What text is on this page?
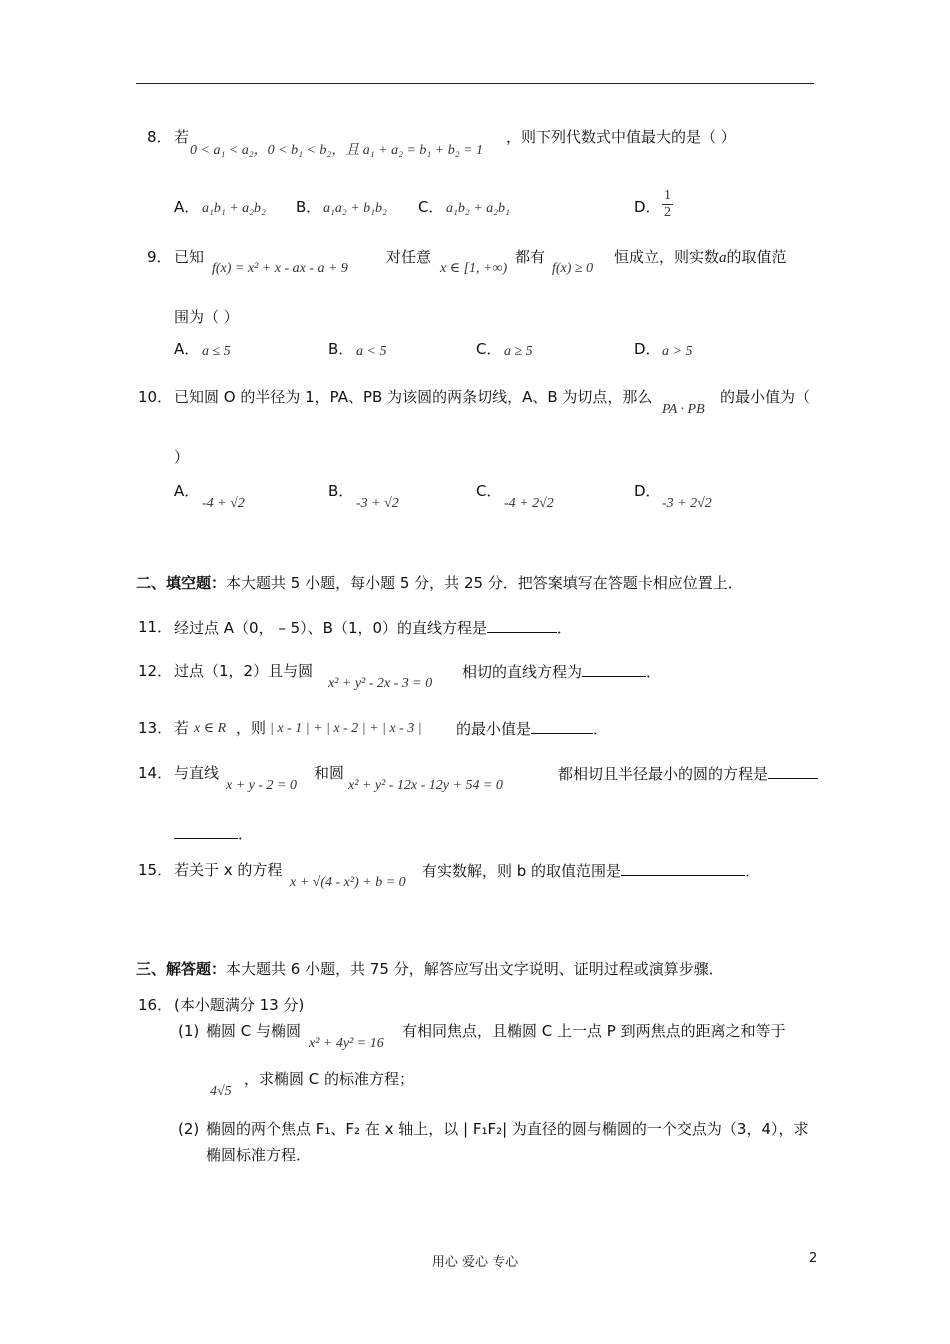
8． 若
0 < a₁ < a₂，0 < b₁ < b₂，且 a₁ + a₂ = b₁ + b₂ = 1
，则下列代数式中值最大的是（ ）
A． a₁b₁ + a₂b₂ B． a₁a₂ + b₁b₂ C． a₁b₂ + a₂b₁	D． $\frac{1}{2}$
9． 已知
f(x) = x² + x - ax - a + 9
对任意
x ∈ [1, +∞)
都有
f(x) ≥ 0
恒成立，则实数a的取值范
围为（ ）
A． a ≤ 5	B． a < 5	C． a ≥ 5	D． a > 5
10． 已知圆 O 的半径为 1，PA、PB 为该圆的两条切线，A、B 为切点，那么
PA · PB
的最小值为（
）
A．
-4 + √2
B．
-3 + √2
C．
-4 + 2√2
D．
-3 + 2√2
二、填空题：本大题共 5 小题，每小题 5 分，共 25 分．把答案填写在答题卡相应位置上．
11． 经过点 A（0， – 5）、B（1，0）的直线方程是	．
12． 过点（1，2）且与圆
x² + y² - 2x - 3 = 0
相切的直线方程为	．
13． 若 x ∈ R ，则 | x - 1 | + | x - 2 | + | x - 3 | 的最小值是	．
14． 与直线
x + y - 2 = 0
和圆
x² + y² - 12x - 12y + 54 = 0
都相切且半径最小的圆的方程是
．
15． 若关于 x 的方程
x + √(4 - x²) + b = 0
有实数解，则 b 的取值范围是	．
三、解答题：本大题共 6 小题，共 75 分，解答应写出文字说明、证明过程或演算步骤．
16． (本小题满分 13 分)
(1) 椭圆 C 与椭圆
x² + 4y² = 16
有相同焦点，且椭圆 C 上一点 P 到两焦点的距离之和等于
4√5
，求椭圆 C 的标准方程；
(2) 椭圆的两个焦点 F₁、F₂ 在 x 轴上，以 | F₁F₂| 为直径的圆与椭圆的一个交点为（3，4），求
椭圆标准方程．
用心 爱心 专心	2
